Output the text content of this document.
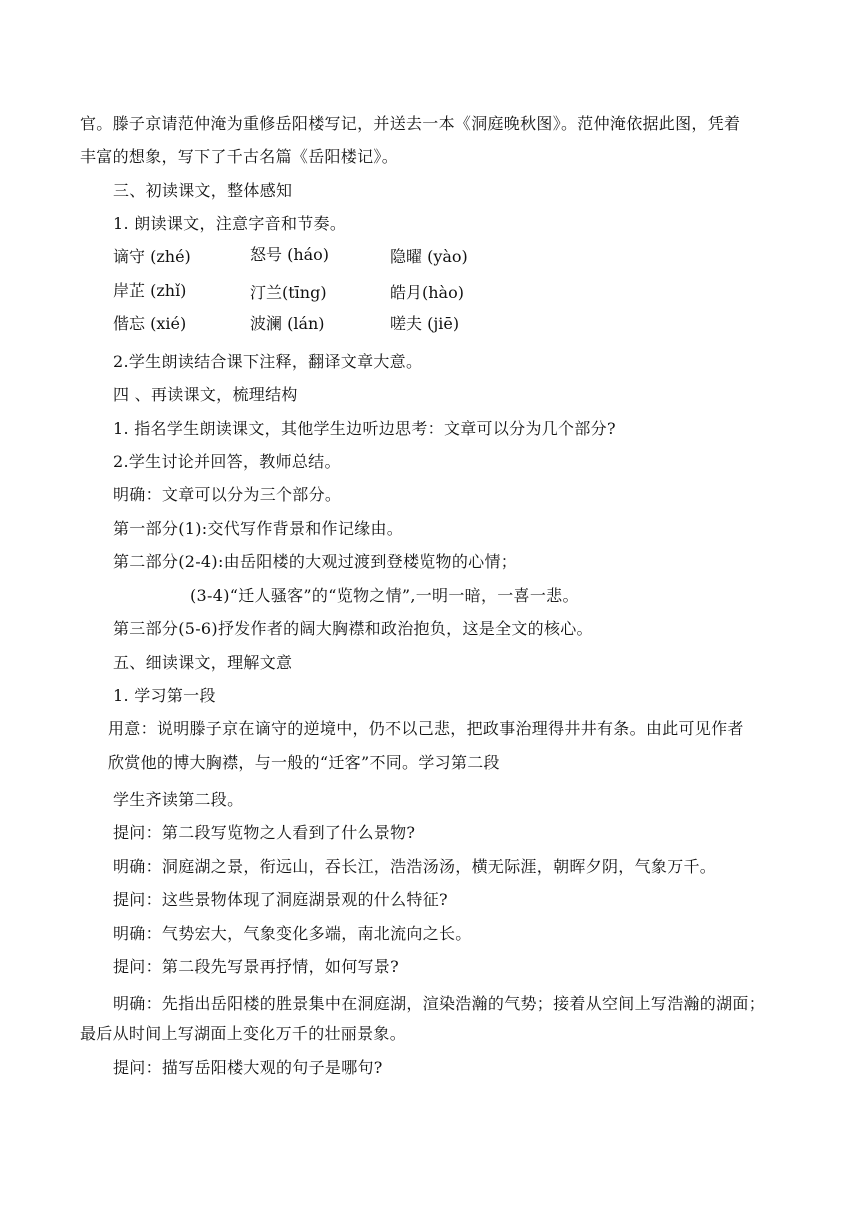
官。滕子京请范仲淹为重修岳阳楼写记，并送去一本《洞庭晚秋图》。范仲淹依据此图，凭着
丰富的想象，写下了千古名篇《岳阳楼记》。
三、初读课文，整体感知
1. 朗读课文，注意字音和节奏。
谪守 (zhé)	怒号 (háo)	隐曜 (yào)
岸芷 (zhǐ)	汀兰(tīng)	皓月(hào)
偕忘 (xié)	波澜 (lán)	嗟夫 (jiē)
2.学生朗读结合课下注释，翻译文章大意。
四 、再读课文，梳理结构
1. 指名学生朗读课文，其他学生边听边思考：文章可以分为几个部分?
2.学生讨论并回答，教师总结。
明确：文章可以分为三个部分。
第一部分(1):交代写作背景和作记缘由。
第二部分(2-4):由岳阳楼的大观过渡到登楼览物的心情；
(3-4)“迁人骚客”的“览物之情”,一明一暗，一喜一悲。
第三部分(5-6)抒发作者的阔大胸襟和政治抱负，这是全文的核心。
五、细读课文，理解文意
1. 学习第一段
用意：说明滕子京在谪守的逆境中，仍不以己悲，把政事治理得井井有条。由此可见作者
欣赏他的博大胸襟，与一般的“迁客”不同。学习第二段
学生齐读第二段。
提问：第二段写览物之人看到了什么景物?
明确：洞庭湖之景，衔远山，吞长江，浩浩汤汤，横无际涯，朝晖夕阴，气象万千。
提问：这些景物体现了洞庭湖景观的什么特征?
明确：气势宏大，气象变化多端，南北流向之长。
提问：第二段先写景再抒情，如何写景?
明确：先指出岳阳楼的胜景集中在洞庭湖，渲染浩瀚的气势；接着从空间上写浩瀚的湖面；
最后从时间上写湖面上变化万千的壮丽景象。
提问：描写岳阳楼大观的句子是哪句?
